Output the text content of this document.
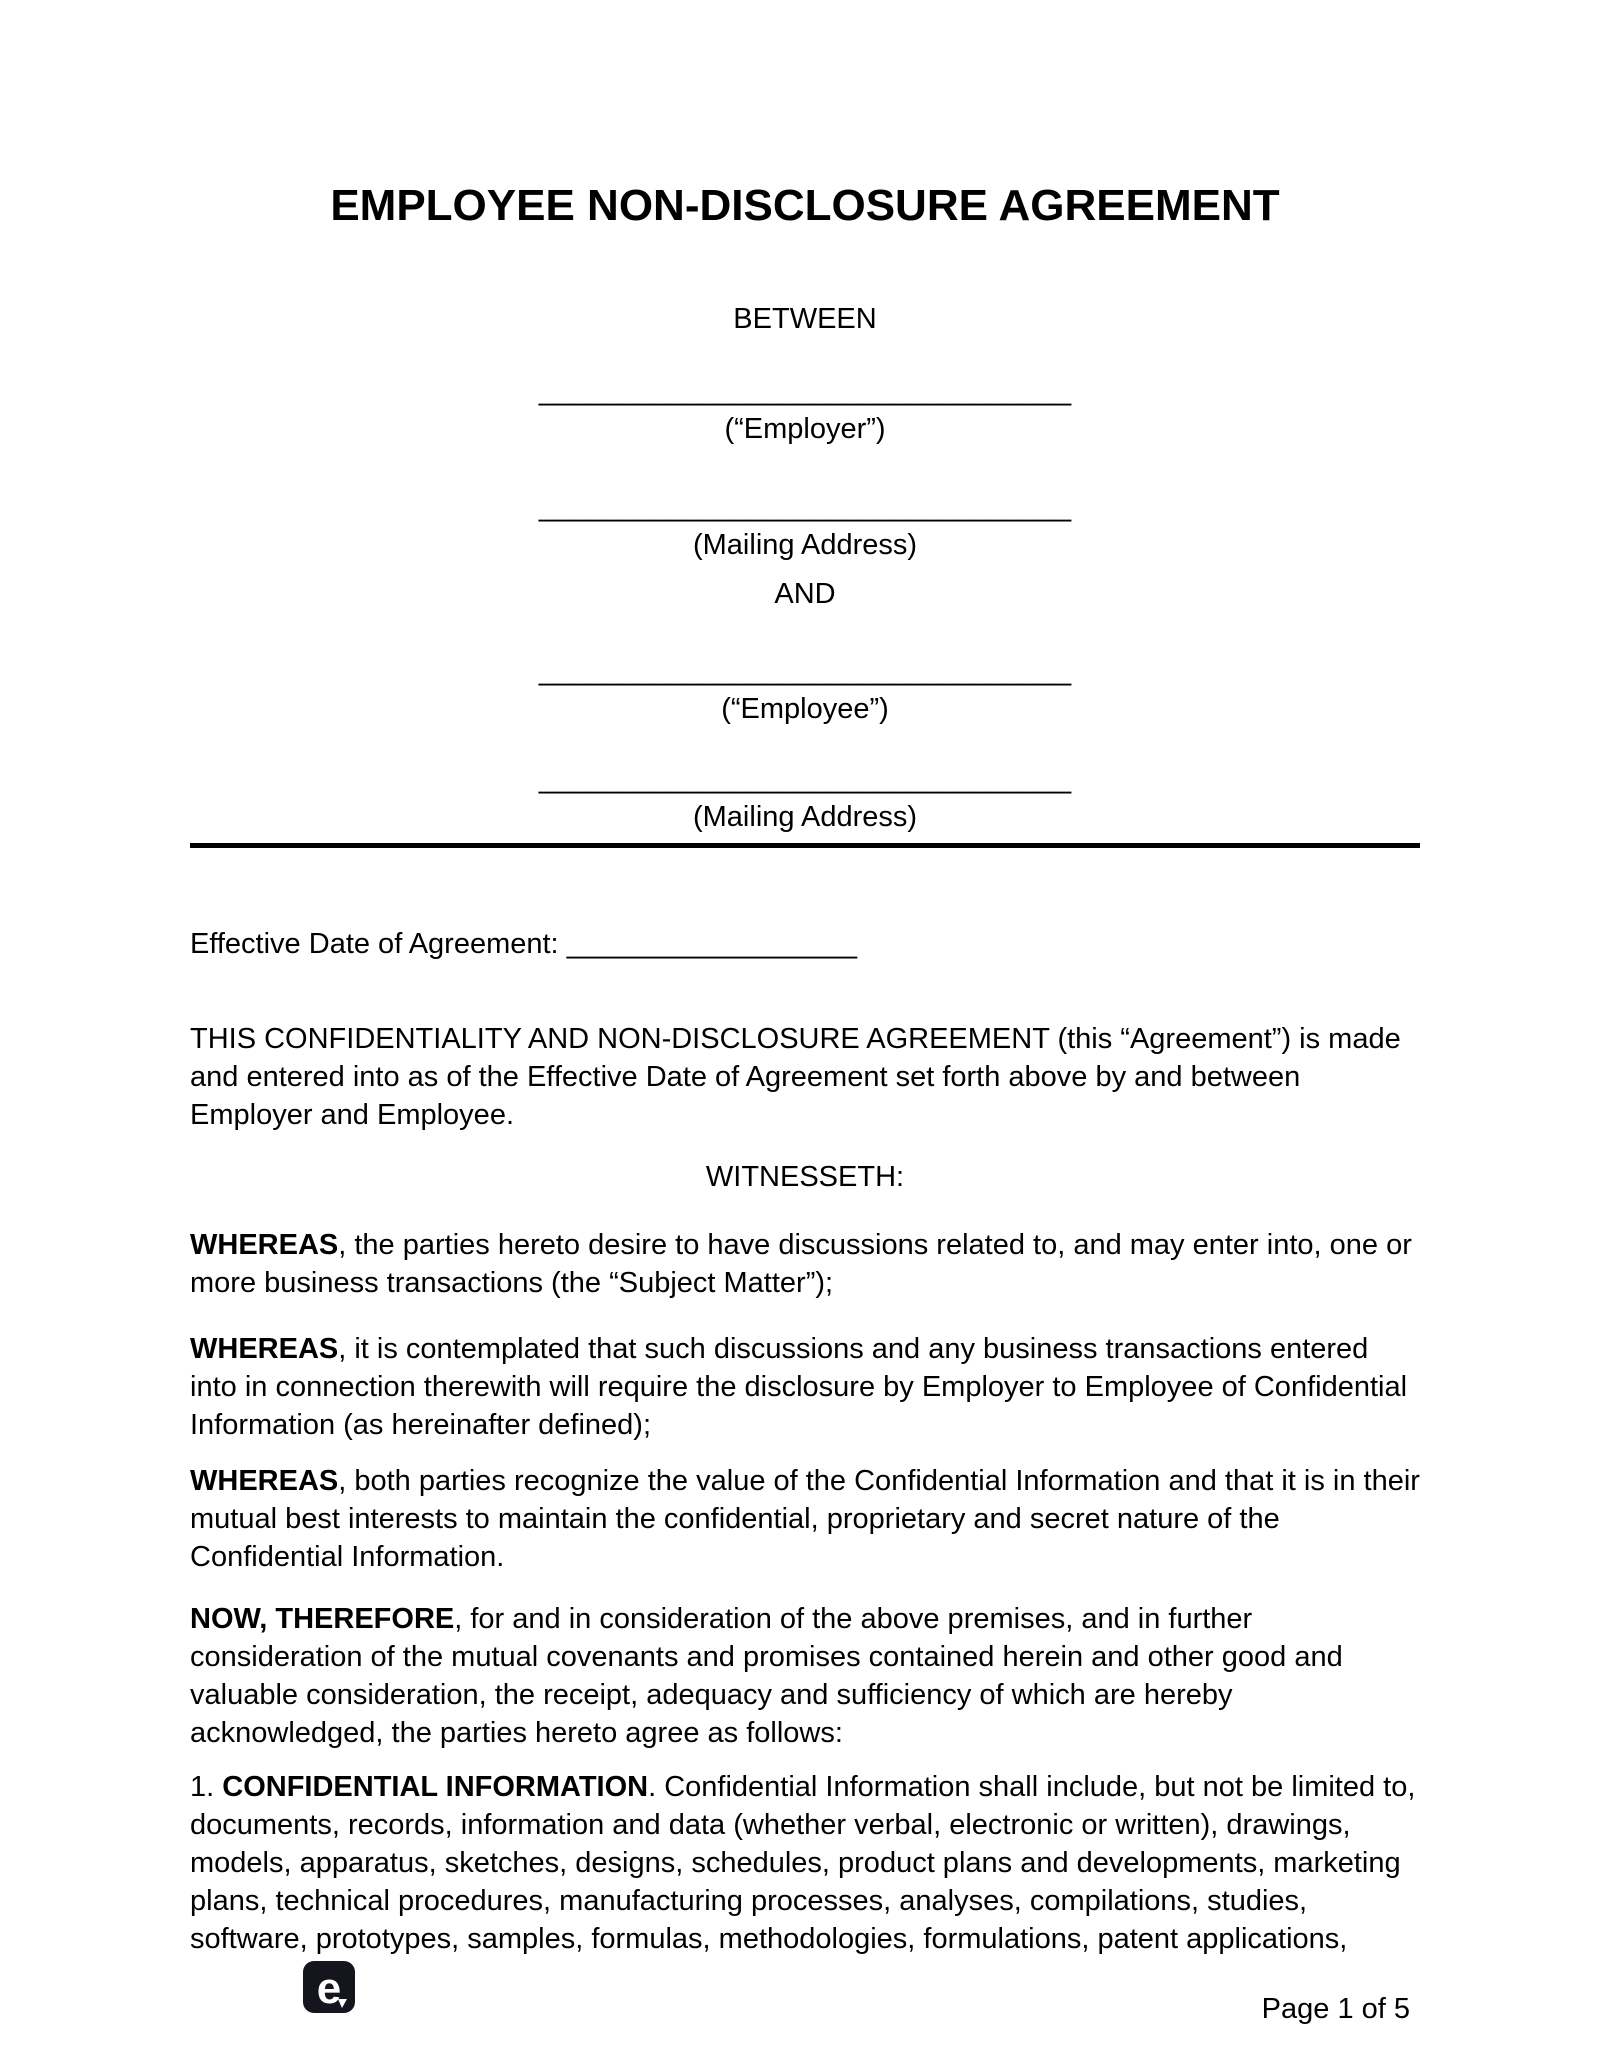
EMPLOYEE NON-DISCLOSURE AGREEMENT
BETWEEN
_________________________________
(“Employer”)
_________________________________
(Mailing Address)
AND
_________________________________
(“Employee”)
_________________________________
(Mailing Address)
Effective Date of Agreement: __________________

THIS CONFIDENTIALITY AND NON-DISCLOSURE AGREEMENT (this “Agreement”) is made and entered into as of the Effective Date of Agreement set forth above by and between Employer and Employee.

WITNESSETH:

WHEREAS, the parties hereto desire to have discussions related to, and may enter into, one or more business transactions (the “Subject Matter”);

WHEREAS, it is contemplated that such discussions and any business transactions entered into in connection therewith will require the disclosure by Employer to Employee of Confidential Information (as hereinafter defined);

WHEREAS, both parties recognize the value of the Confidential Information and that it is in their mutual best interests to maintain the confidential, proprietary and secret nature of the Confidential Information.

NOW, THEREFORE, for and in consideration of the above premises, and in further consideration of the mutual covenants and promises contained herein and other good and valuable consideration, the receipt, adequacy and sufficiency of which are hereby acknowledged, the parties hereto agree as follows:

1. CONFIDENTIAL INFORMATION. Confidential Information shall include, but not be limited to, documents, records, information and data (whether verbal, electronic or written), drawings, models, apparatus, sketches, designs, schedules, product plans and developments, marketing plans, technical procedures, manufacturing processes, analyses, compilations, studies, software, prototypes, samples, formulas, methodologies, formulations, patent applications,

e	Page 1 of 5
